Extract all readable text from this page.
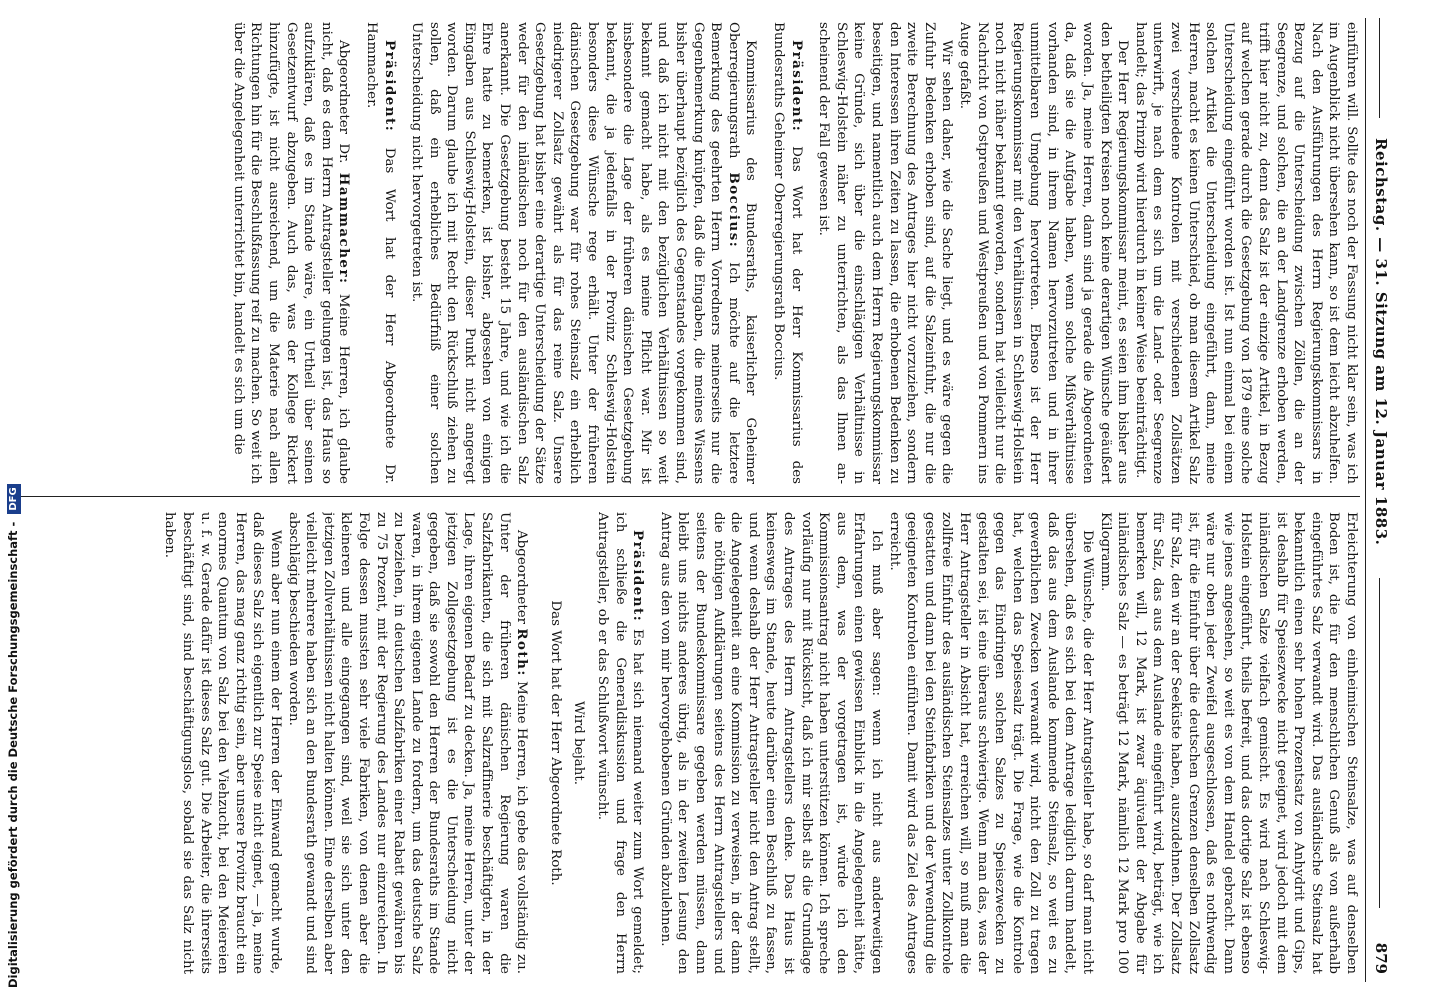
Reichstag. — 31. Sitzung am 12. Januar 1883.
879

einführen will. Sollte das noch der Fassung nicht klar sein, was ich im Augenblick nicht übersehen kann, so ist dem leicht abzuhelfen. Nach den Ausführungen des Herrn Regierungskommissars in Bezug auf die Unterscheidung zwischen Zöllen, die an der Seegrenze, und solchen, die an der Landgrenze erhoben werden, trifft hier nicht zu, denn das Salz ist der einzige Artikel, in Bezug auf welchen gerade durch die Gesetzgebung von 1879 eine solche Unterscheidung eingeführt worden ist. Ist nun einmal bei einem solchen Artikel die Unterscheidung eingeführt, dann, meine Herren, macht es keinen Unterschied, ob man diesem Artikel Salz zwei verschiedene Kontrolen mit verschiedenen Zollsätzen unterwirft, je nach dem es sich um die Land- oder Seegrenze handelt; das Prinzip wird hierdurch in keiner Weise beeinträchtigt.

Der Herr Regierungskommissar meint, es seien ihm bisher aus den betheiligten Kreisen noch keine derartigen Wünsche geäußert worden. Ja, meine Herren, dann sind ja gerade die Abgeordneten da, daß sie die Aufgabe haben, wenn solche Mißverhältnisse vorhanden sind, in ihrem Namen hervorzutreten und in ihrer unmittelbaren Umgebung hervortreten. Ebenso ist der Herr Regierungskommissar mit den Verhältnissen in Schleswig-Holstein noch nicht näher bekannt geworden, sondern hat vielleicht nur die Nachricht von Ostpreußen und Westpreußen und von Pommern ins Auge gefaßt.

Wir sehen daher, wie die Sache liegt, und es wäre gegen die Zufuhr Bedenken erhoben sind, auf die Salzeinfuhr, die nur die zweite Berechnung des Antrages hier nicht vorzuziehen, sondern den Interessen ihren Zeiten zu lassen, die erhobenen Bedenken zu beseitigen, und namentlich auch dem Herrn Regierungskommissar keine Gründe, sich über die einschlägigen Verhältnisse in Schleswig-Holstein näher zu unterrichten, als das Ihnen an-scheinend der Fall gewesen ist.

Präsident: Das Wort hat der Herr Kommissarius des Bundesraths Geheimer Oberregierungsrath Boccius.

Kommissarius des Bundesraths, kaiserlicher Geheimer Oberregierungsrath Boccius: Ich möchte auf die letztere Bemerkung des geehrten Herrn Vorredners meinerseits nur die Gegenbemerkung knüpfen, daß die Eingaben, die meines Wissens bisher überhaupt bezüglich des Gegenstandes vorgekommen sind, und daß ich nicht mit den bezüglichen Verhältnissen so weit bekannt gemacht habe, als es meine Pflicht war. Mir ist insbesondere die Lage der früheren dänischen Gesetzgebung bekannt, die ja jedenfalls in der Provinz Schleswig-Holstein besonders diese Wünsche rege erhält. Unter der früheren dänischen Gesetzgebung war für rohes Steinsalz ein erheblich niedrigerer Zollsatz gewährt als für das reine Salz. Unsere Gesetzgebung hat bisher eine derartige Unterscheidung der Sätze weder für den inländischen noch für den ausländischen Salz anerkannt. Die Gesetzgebung besteht 15 Jahre, und wie ich die Ehre hatte zu bemerken, ist bisher, abgesehen von einigen Eingaben aus Schleswig-Holstein, dieser Punkt nicht angeregt worden. Darum glaube ich mit Recht den Rückschluß ziehen zu sollen, daß ein erhebliches Bedürfniß einer solchen Unterscheidung nicht hervorgetreten ist.

Präsident: Das Wort hat der Herr Abgeordnete Dr. Hammacher.

Abgeordneter Dr. Hammacher: Meine Herren, ich glaube nicht, daß es dem Herrn Antragsteller gelungen ist, das Haus so aufzuklären, daß es im Stande wäre, ein Urtheil über seinen Gesetzentwurf abzugeben. Auch das, was der Kollege Rickert hinzufügte, ist nicht ausreichend, um die Materie nach allen Richtungen hin für die Beschlußfassung reif zu machen. So weit ich über die Angelegenheit unterrichtet bin, handelt es sich um die

Erleichterung von einheimischen Steinsalze, was auf denselben Boden ist, die für den menschlichen Genuß als von außerhalb eingeführtes Salz verwandt wird. Das ausländische Steinsalz hat bekanntlich einen sehr hohen Prozentsatz von Anhydrit und Gips, ist deshalb für Speisezwecke nicht geeignet, wird jedoch mit dem inländischen Salze vielfach gemischt. Es wird nach Schleswig-Holstein eingeführt, theils befreit, und das dortige Salz ist ebenso wie jenes angesehen, so weit es von dem Handel gebracht. Dann wäre nur oben jeder Zweifel ausgeschlossen, daß es nothwendig ist, für die Einfuhr über die deutschen Grenzen denselben Zollsatz für Salz, den wir an der Seeküste haben, auszudehnen. Der Zollsatz für Salz, das aus dem Auslande eingeführt wird, beträgt, wie ich bemerken will, 12 Mark, ist zwar äquivalent der Abgabe für inländisches Salz — es beträgt 12 Mark, nämlich 12 Mark pro 100 Kilogramm.

Die Wünsche, die der Herr Antragsteller habe, so darf man nicht übersehen, daß es sich bei dem Antrage lediglich darum handelt, daß das aus dem Auslande kommende Steinsalz, so weit es zu gewerblichen Zwecken verwandt wird, nicht den Zoll zu tragen hat, welchen das Speisesalz trägt. Die Frage, wie die Kontrole gegen das Eindringen solchen Salzes zu Speisezwecken zu gestalten sei, ist eine überaus schwierige. Wenn man das, was der Herr Antragsteller in Absicht hat, erreichen will, so muß man die zollfreie Einfuhr des ausländischen Steinsalzes unter Zollkontrole gestatten und dann bei den Steinfabriken und der Verwendung die geeigneten Kontrolen einführen. Damit wird das Ziel des Antrages erreicht.

Ich muß aber sagen: wenn ich nicht aus anderweitigen Erfahrungen einen gewissen Einblick in die Angelegenheit hätte, aus dem, was der vorgetragen ist, würde ich den Kommissionsantrag nicht haben unterstützen können. Ich spreche vorläufig nur mit Rücksicht, daß ich mir selbst als die Grundlage des Antrages des Herrn Antragstellers denke. Das Haus ist keineswegs im Stande, heute darüber einen Beschluß zu fassen, und wenn deshalb der Herr Antragsteller nicht den Antrag stellt, die Angelegenheit an eine Kommission zu verweisen, in der dann die nöthigen Aufklärungen seitens des Herrn Antragstellers und seitens der Bundeskommissare gegeben werden müssen, dann bleibt uns nichts anderes übrig, als in der zweiten Lesung den Antrag aus den von mir hervorgehobenen Gründen abzulehnen.

Präsident: Es hat sich niemand weiter zum Wort gemeldet; ich schließe die Generaldiskussion und frage den Herrn Antragsteller, ob er das Schlußwort wünscht.

Wird bejaht.

Das Wort hat der Herr Abgeordnete Roth.

Abgeordneter Roth: Meine Herren, ich gebe das vollständig zu. Unter der früheren dänischen Regierung waren die Salzfabrikanten, die sich mit Salzraffinerie beschäftigten, in der Lage, ihren eigenen Bedarf zu decken. Ja, meine Herren, unter der jetzigen Zollgesetzgebung ist es die Unterscheidung nicht gegeben, daß sie sowohl den Herren der Bundesraths im Stande waren, in ihrem eigenen Lande zu fordern, um das deutsche Salz zu beziehen, in deutschen Salzfabriken einer Rabatt gewähren bis zu 75 Prozent, mit der Regierung des Landes nur einzureichen. In Folge dessen mussten sehr viele Fabriken, von denen aber die kleineren und alle eingegangen sind, weil sie sich unter den jetzigen Zollverhältnissen nicht halten können. Eine derselben aber vielleicht mehrere haben sich an den Bundesrath gewandt und sind abschlägig beschieden worden.

Wenn aber nun einem der Herren der Einwand gemacht wurde, daß dieses Salz sich eigentlich zur Speise nicht eignet, — ja, meine Herren, das mag ganz richtig sein, aber unsere Provinz braucht ein enormes Quantum von Salz bei den Viehzucht, bei den Meiereien u. f. w. Gerade dafür ist dieses Salz gut. Die Arbeiter, die ihrerseits beschäftigt sind, sind beschäftigungslos, sobald sie das Salz nicht haben.

Digitalisierung gefördert durch die Deutsche Forschungsgemeinschaft - DFG
